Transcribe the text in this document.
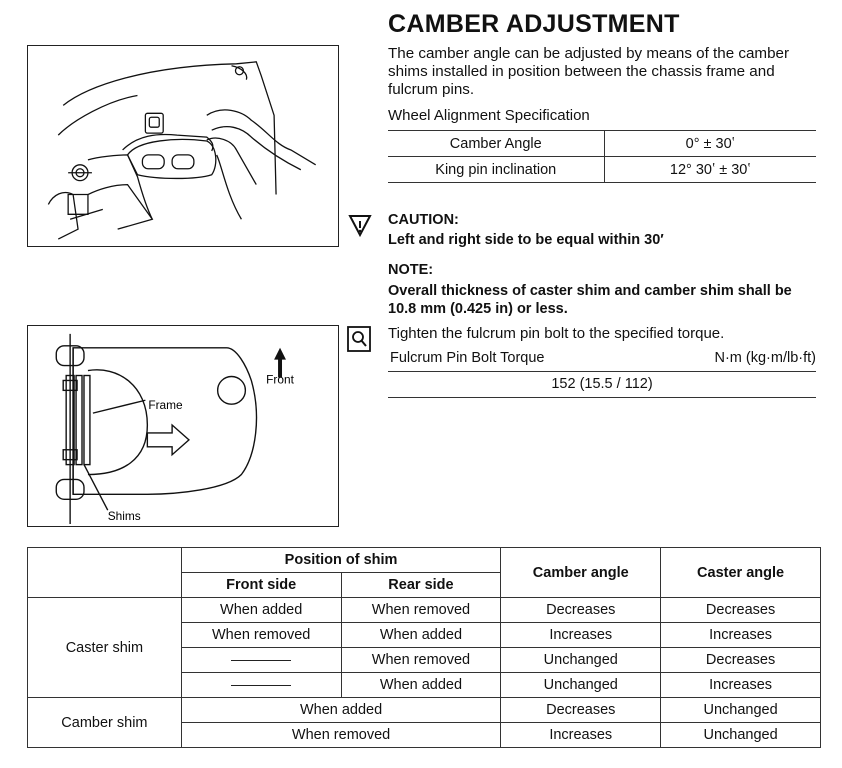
CAMBER ADJUSTMENT
The camber angle can be adjusted by means of the camber shims installed in position between the chassis frame and fulcrum pins.
Wheel Alignment Specification
Camber Angle	0° ± 30ʽ
King pin inclination	12° 30ʽ ± 30ʽ
CAUTION:
Left and right side to be equal within 30′
NOTE:
Overall thickness of caster shim and camber shim shall be 10.8 mm (0.425 in) or less.
Tighten the fulcrum pin bolt to the specified torque.
Fulcrum Pin Bolt Torque	N·m (kg·m/lb·ft)
152 (15.5 / 112)
Front
Frame
Shims
	Position of shim		Camber angle	Caster angle
	Front side	Rear side		
Caster shim	When added	When removed	Decreases	Decreases
	When removed	When added	Increases	Increases
		When removed	Unchanged	Decreases
		When added	Unchanged	Increases
Camber shim	When added		Decreases	Unchanged
	When removed		Increases	Unchanged
